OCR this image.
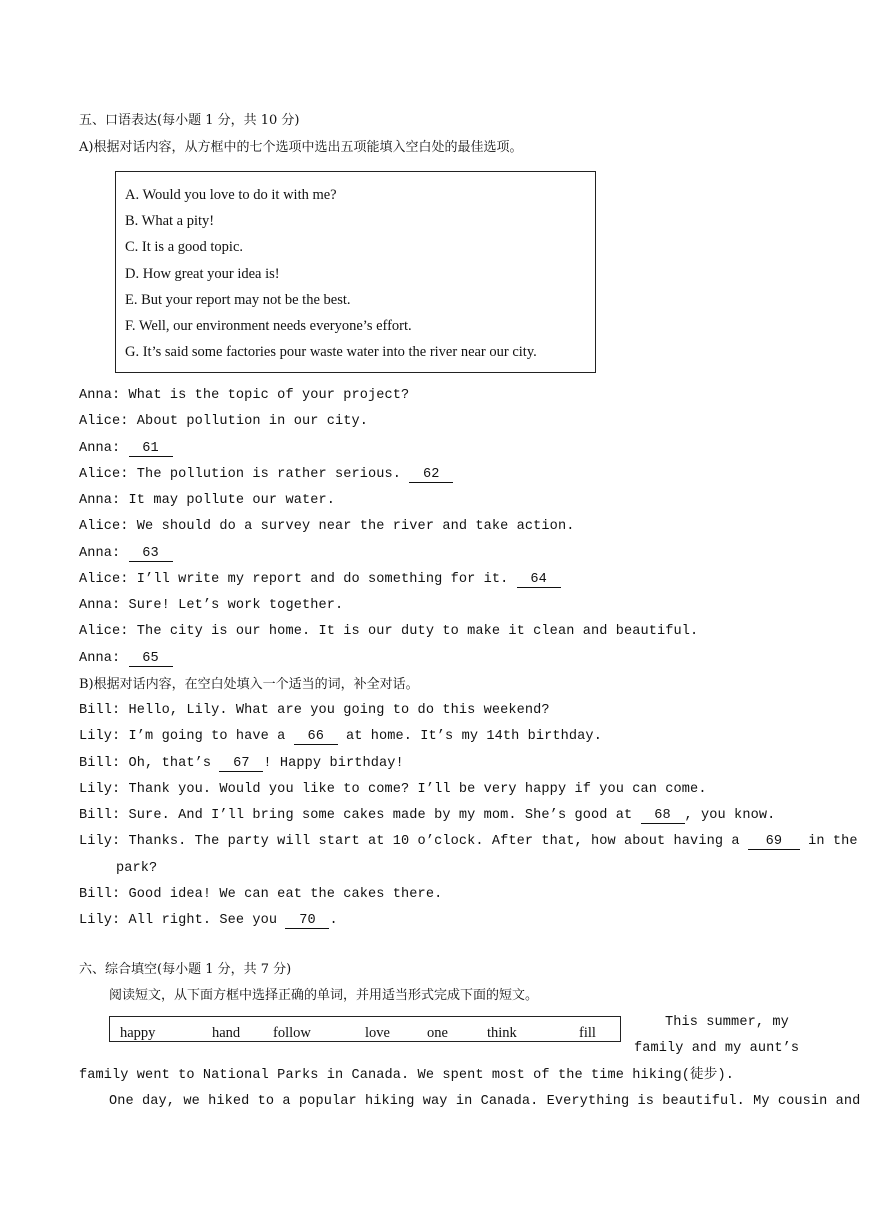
五、口语表达(每小题 1 分，共 10 分)
A)根据对话内容，从方框中的七个选项中选出五项能填入空白处的最佳选项。
A. Would you love to do it with me?
B. What a pity!
C. It is a good topic.
D. How great your idea is!
E. But your report may not be the best.
F. Well, our environment needs everyone’s effort.
G. It’s said some factories pour waste water into the river near our city.
Anna: What is the topic of your project?
Alice: About pollution in our city.
Anna: 61
Alice: The pollution is rather serious. 62
Anna: It may pollute our water.
Alice: We should do a survey near the river and take action.
Anna: 63
Alice: I’ll write my report and do something for it. 64
Anna: Sure! Let’s work together.
Alice: The city is our home. It is our duty to make it clean and beautiful.
Anna: 65
B)根据对话内容，在空白处填入一个适当的词，补全对话。
Bill: Hello, Lily. What are you going to do this weekend?
Lily: I’m going to have a 66 at home. It’s my 14th birthday.
Bill: Oh, that’s 67 ! Happy birthday!
Lily: Thank you. Would you like to come? I’ll be very happy if you can come.
Bill: Sure. And I’ll bring some cakes made by my mom. She’s good at 68 , you know.
Lily: Thanks. The party will start at 10 o’clock. After that, how about having a 69 in the
park?
Bill: Good idea! We can eat the cakes there.
Lily: All right. See you 70 .
六、综合填空(每小题 1 分，共 7 分)
阅读短文，从下面方框中选择正确的单词，并用适当形式完成下面的短文。
happy	hand follow	love	one	think	fill
This summer, my
family and my aunt’s
family went to National Parks in Canada. We spent most of the time hiking(徒步).
One day, we hiked to a popular hiking way in Canada. Everything is beautiful. My cousin and
